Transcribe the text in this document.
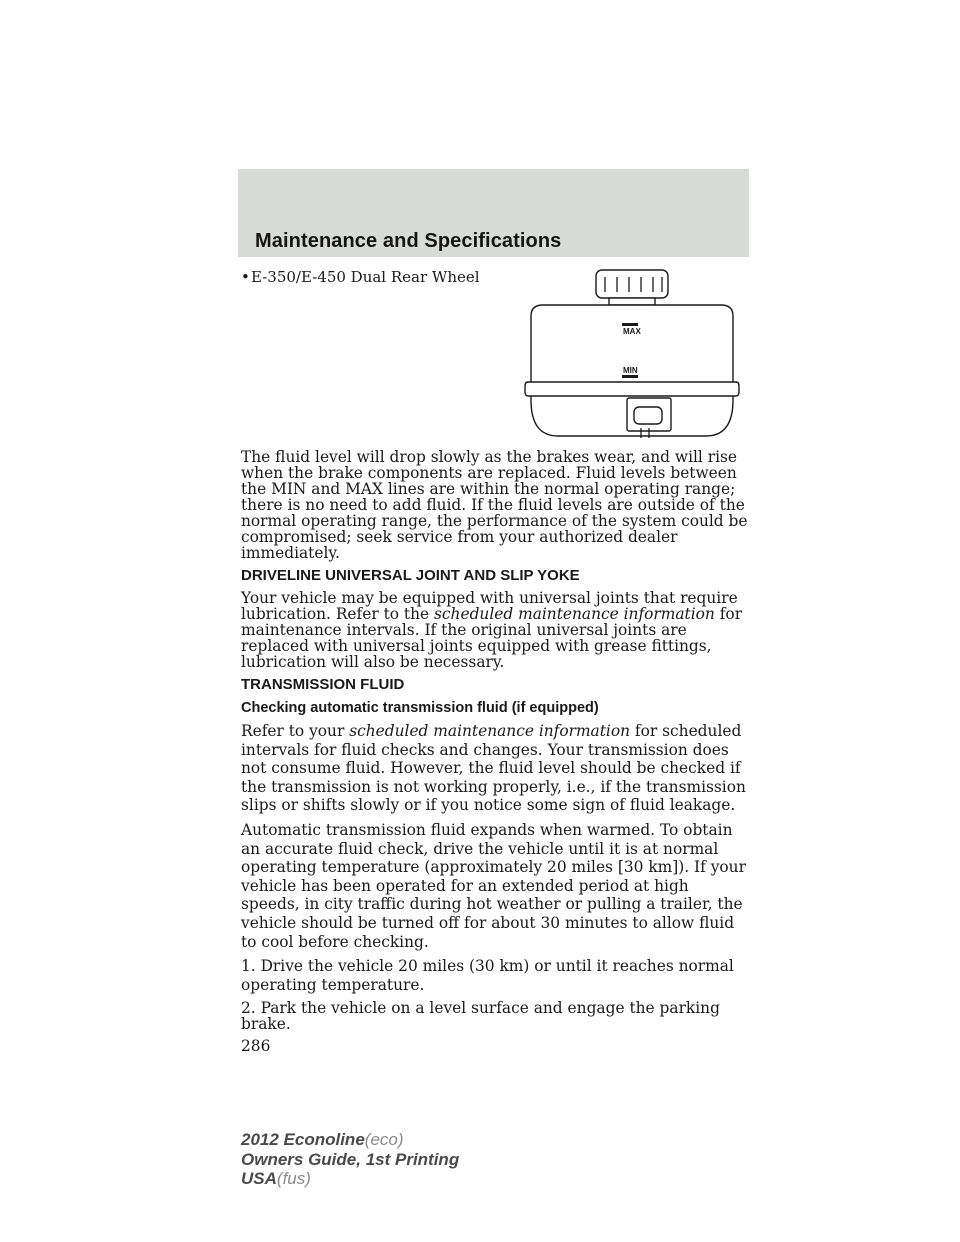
Maintenance and Specifications
•E-350/E-450 Dual Rear Wheel
MAX
MIN

The fluid level will drop slowly as the brakes wear, and will rise when the brake components are replaced. Fluid levels between the MIN and MAX lines are within the normal operating range; there is no need to add fluid. If the fluid levels are outside of the normal operating range, the performance of the system could be compromised; seek service from your authorized dealer immediately.

DRIVELINE UNIVERSAL JOINT AND SLIP YOKE

Your vehicle may be equipped with universal joints that require lubrication. Refer to the scheduled maintenance information for maintenance intervals. If the original universal joints are replaced with universal joints equipped with grease fittings, lubrication will also be necessary.

TRANSMISSION FLUID
Checking automatic transmission fluid (if equipped)

Refer to your scheduled maintenance information for scheduled intervals for fluid checks and changes. Your transmission does not consume fluid. However, the fluid level should be checked if the transmission is not working properly, i.e., if the transmission slips or shifts slowly or if you notice some sign of fluid leakage.

Automatic transmission fluid expands when warmed. To obtain an accurate fluid check, drive the vehicle until it is at normal operating temperature (approximately 20 miles [30 km]). If your vehicle has been operated for an extended period at high speeds, in city traffic during hot weather or pulling a trailer, the vehicle should be turned off for about 30 minutes to allow fluid to cool before checking.

1. Drive the vehicle 20 miles (30 km) or until it reaches normal operating temperature.

2. Park the vehicle on a level surface and engage the parking brake.

286

2012 Econoline(eco)
Owners Guide, 1st Printing
USA(fus)
